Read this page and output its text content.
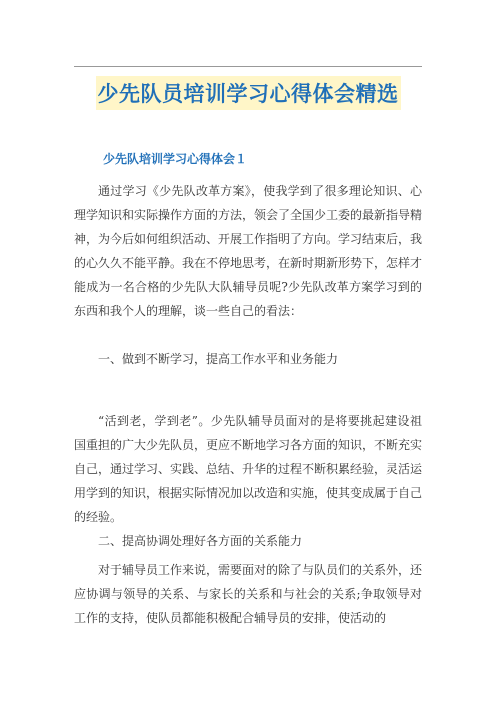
少先队员培训学习心得体会精选
少先队培训学习心得体会１

通过学习《少先队改革方案》，使我学到了很多理论知识、心理学知识和实际操作方面的方法，领会了全国少工委的最新指导精神，为今后如何组织活动、开展工作指明了方向。学习结束后，我的心久久不能平静。我在不停地思考，在新时期新形势下，怎样才能成为一名合格的少先队大队辅导员呢?少先队改革方案学习到的东西和我个人的理解，谈一些自己的看法：

一、做到不断学习，提高工作水平和业务能力

“活到老，学到老”。少先队辅导员面对的是将要挑起建设祖国重担的广大少先队员，更应不断地学习各方面的知识，不断充实自己，通过学习、实践、总结、升华的过程不断积累经验，灵活运用学到的知识，根据实际情况加以改造和实施，使其变成属于自己的经验。

二、提高协调处理好各方面的关系能力

对于辅导员工作来说，需要面对的除了与队员们的关系外，还应协调与领导的关系、与家长的关系和与社会的关系;争取领导对工作的支持，使队员都能积极配合辅导员的安排，使活动的
